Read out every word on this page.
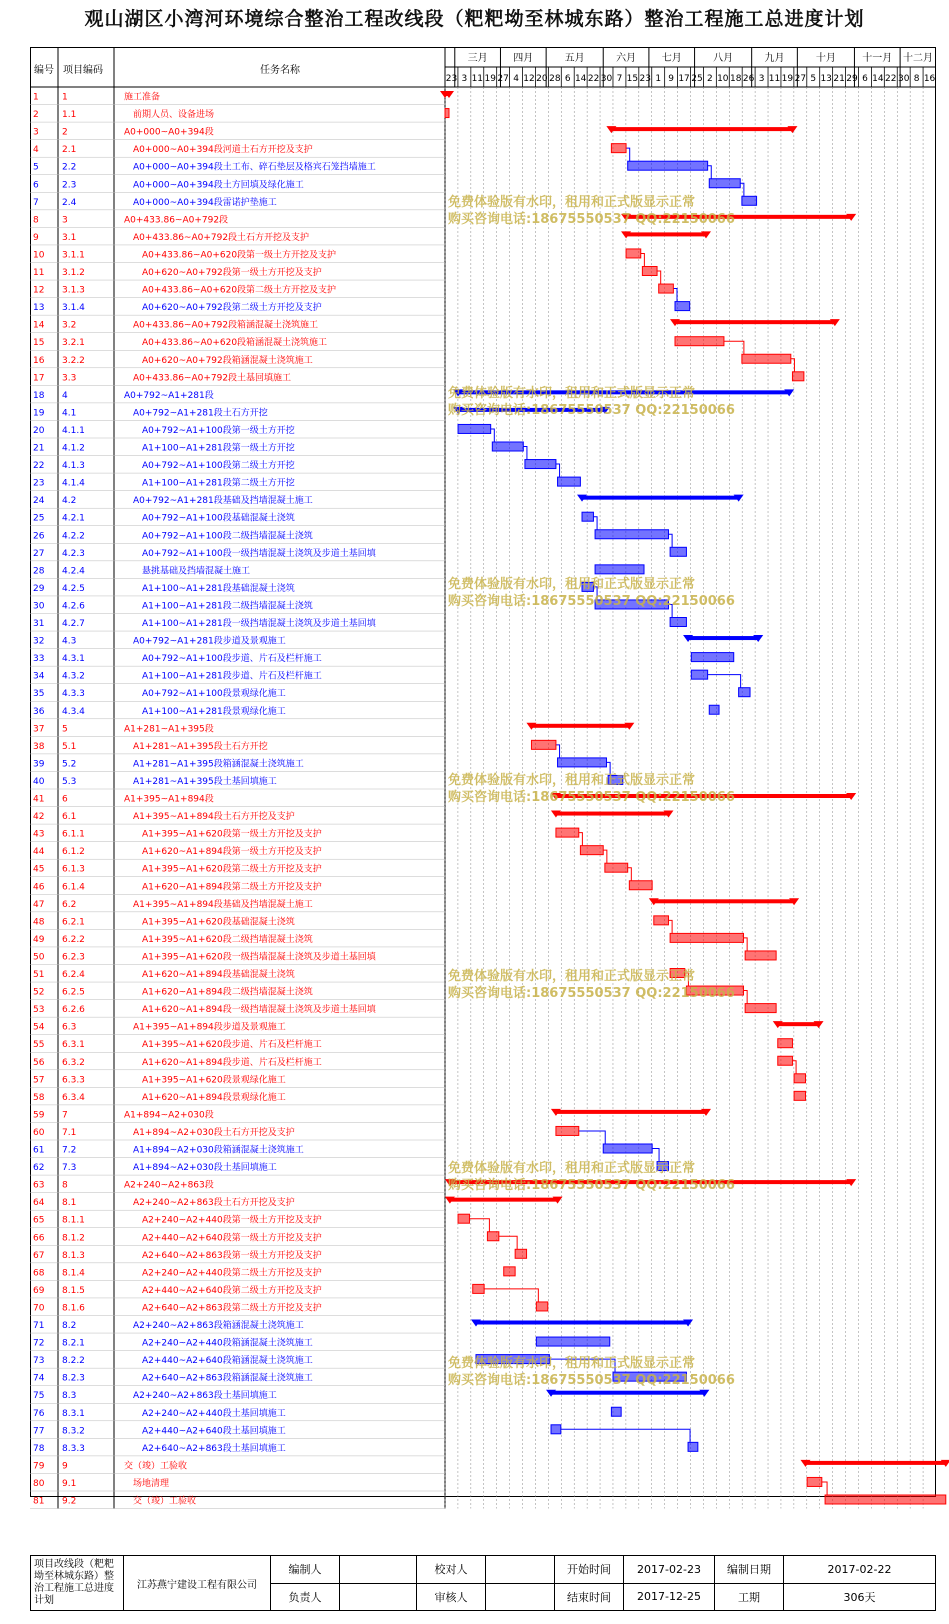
观山湖区小湾河环境综合整治工程改线段（粑粑坳至林城东路）整治工程施工总进度计划
编号 项目编码	任务名称
三月	四月	五月	六月	七月	八月	九月	十月	十一月 十二月
23 3 11 19 27 4 12 20 28 6 14 22 30 7 15 23 1 9 17 25 2 10 18 26 3 11 19 27 5 13 21 29 6 14 22 30 8 16
1	1	施工准备
2	1.1	前期人员、设备进场
3	2	A0+000~A0+394段
4	2.1	A0+000~A0+394段河道土石方开挖及支护
5	2.2	A0+000~A0+394段土工布、碎石垫层及格宾石笼挡墙施工
6	2.3	A0+000~A0+394段土方回填及绿化施工
7	2.4	A0+000~A0+394段雷诺护垫施工
8	3	A0+433.86~A0+792段
9	3.1	A0+433.86~A0+792段土石方开挖及支护
10 3.1.1	A0+433.86~A0+620段第一级土方开挖及支护
11 3.1.2	A0+620~A0+792段第一级土方开挖及支护
12 3.1.3	A0+433.86~A0+620段第二级土方开挖及支护
13 3.1.4	A0+620~A0+792段第二级土方开挖及支护
14 3.2	A0+433.86~A0+792段箱涵混凝土浇筑施工
15 3.2.1	A0+433.86~A0+620段箱涵混凝土浇筑施工
16 3.2.2	A0+620~A0+792段箱涵混凝土浇筑施工
17 3.3	A0+433.86~A0+792段土基回填施工
18 4	A0+792~A1+281段
19 4.1	A0+792~A1+281段土石方开挖
20 4.1.1	A0+792~A1+100段第一级土方开挖
21 4.1.2	A1+100~A1+281段第一级土方开挖
22 4.1.3	A0+792~A1+100段第二级土方开挖
23 4.1.4	A1+100~A1+281段第二级土方开挖
24 4.2	A0+792~A1+281段基础及挡墙混凝土施工
25 4.2.1	A0+792~A1+100段基础混凝土浇筑
26 4.2.2	A0+792~A1+100段二级挡墙混凝土浇筑
27 4.2.3	A0+792~A1+100段一级挡墙混凝土浇筑及步道土基回填
28 4.2.4	悬挑基础及挡墙混凝土施工
29 4.2.5	A1+100~A1+281段基础混凝土浇筑
30 4.2.6	A1+100~A1+281段二级挡墙混凝土浇筑
31 4.2.7	A1+100~A1+281段一级挡墙混凝土浇筑及步道土基回填
32 4.3	A0+792~A1+281段步道及景观施工
33 4.3.1	A0+792~A1+100段步道、片石及栏杆施工
34 4.3.2	A1+100~A1+281段步道、片石及栏杆施工
35 4.3.3	A0+792~A1+100段景观绿化施工
36 4.3.4	A1+100~A1+281段景观绿化施工
37 5	A1+281~A1+395段
38 5.1	A1+281~A1+395段土石方开挖
39 5.2	A1+281~A1+395段箱涵混凝土浇筑施工
40 5.3	A1+281~A1+395段土基回填施工
41 6	A1+395~A1+894段
42 6.1	A1+395~A1+894段土石方开挖及支护
43 6.1.1	A1+395~A1+620段第一级土方开挖及支护
44 6.1.2	A1+620~A1+894段第一级土方开挖及支护
45 6.1.3	A1+395~A1+620段第二级土方开挖及支护
46 6.1.4	A1+620~A1+894段第二级土方开挖及支护
47 6.2	A1+395~A1+894段基础及挡墙混凝土施工
48 6.2.1	A1+395~A1+620段基础混凝土浇筑
49 6.2.2	A1+395~A1+620段二级挡墙混凝土浇筑
50 6.2.3	A1+395~A1+620段一级挡墙混凝土浇筑及步道土基回填
51 6.2.4	A1+620~A1+894段基础混凝土浇筑
52 6.2.5	A1+620~A1+894段二级挡墙混凝土浇筑
53 6.2.6	A1+620~A1+894段一级挡墙混凝土浇筑及步道土基回填
54 6.3	A1+395~A1+894段步道及景观施工
55 6.3.1	A1+395~A1+620段步道、片石及栏杆施工
56 6.3.2	A1+620~A1+894段步道、片石及栏杆施工
57 6.3.3	A1+395~A1+620段景观绿化施工
58 6.3.4	A1+620~A1+894段景观绿化施工
59 7	A1+894~A2+030段
60 7.1	A1+894~A2+030段土石方开挖及支护
61 7.2	A1+894~A2+030段箱涵混凝土浇筑施工
62 7.3	A1+894~A2+030段土基回填施工
63 8	A2+240~A2+863段
64 8.1	A2+240~A2+863段土石方开挖及支护
65 8.1.1	A2+240~A2+440段第一级土方开挖及支护
66 8.1.2	A2+440~A2+640段第一级土方开挖及支护
67 8.1.3	A2+640~A2+863段第一级土方开挖及支护
68 8.1.4	A2+240~A2+440段第二级土方开挖及支护
69 8.1.5	A2+440~A2+640段第二级土方开挖及支护
70 8.1.6	A2+640~A2+863段第二级土方开挖及支护
71 8.2	A2+240~A2+863段箱涵混凝土浇筑施工
72 8.2.1	A2+240~A2+440段箱涵混凝土浇筑施工
73 8.2.2	A2+440~A2+640段箱涵混凝土浇筑施工
74 8.2.3	A2+640~A2+863段箱涵混凝土浇筑施工
75 8.3	A2+240~A2+863段土基回填施工
76 8.3.1	A2+240~A2+440段土基回填施工
77 8.3.2	A2+440~A2+640段土基回填施工
78 8.3.3	A2+640~A2+863段土基回填施工
79 9	交（竣）工验收
80 9.1	场地清理
81 9.2	交（竣）工验收
免费体验版有水印，租用和正式版显示正常
购买咨询电话:18675550537 QQ:22150066
免费体验版有水印，租用和正式版显示正常
购买咨询电话:18675550537 QQ:22150066
免费体验版有水印，租用和正式版显示正常
购买咨询电话:18675550537 QQ:22150066
免费体验版有水印，租用和正式版显示正常
购买咨询电话:18675550537 QQ:22150066
免费体验版有水印，租用和正式版显示正常
购买咨询电话:18675550537 QQ:22150066
免费体验版有水印，租用和正式版显示正常
购买咨询电话:18675550537 QQ:22150066
免费体验版有水印，租用和正式版显示正常
购买咨询电话:18675550537 QQ:22150066
项目改线段（粑粑坳至林城东路）整治工程施工总进度计划	江苏燕宁建设工程有限公司	编制人		校对人		开始时间	2017-02-23	编制日期	2017-02-22
		负责人		审核人		结束时间	2017-12-25	工期	306天
